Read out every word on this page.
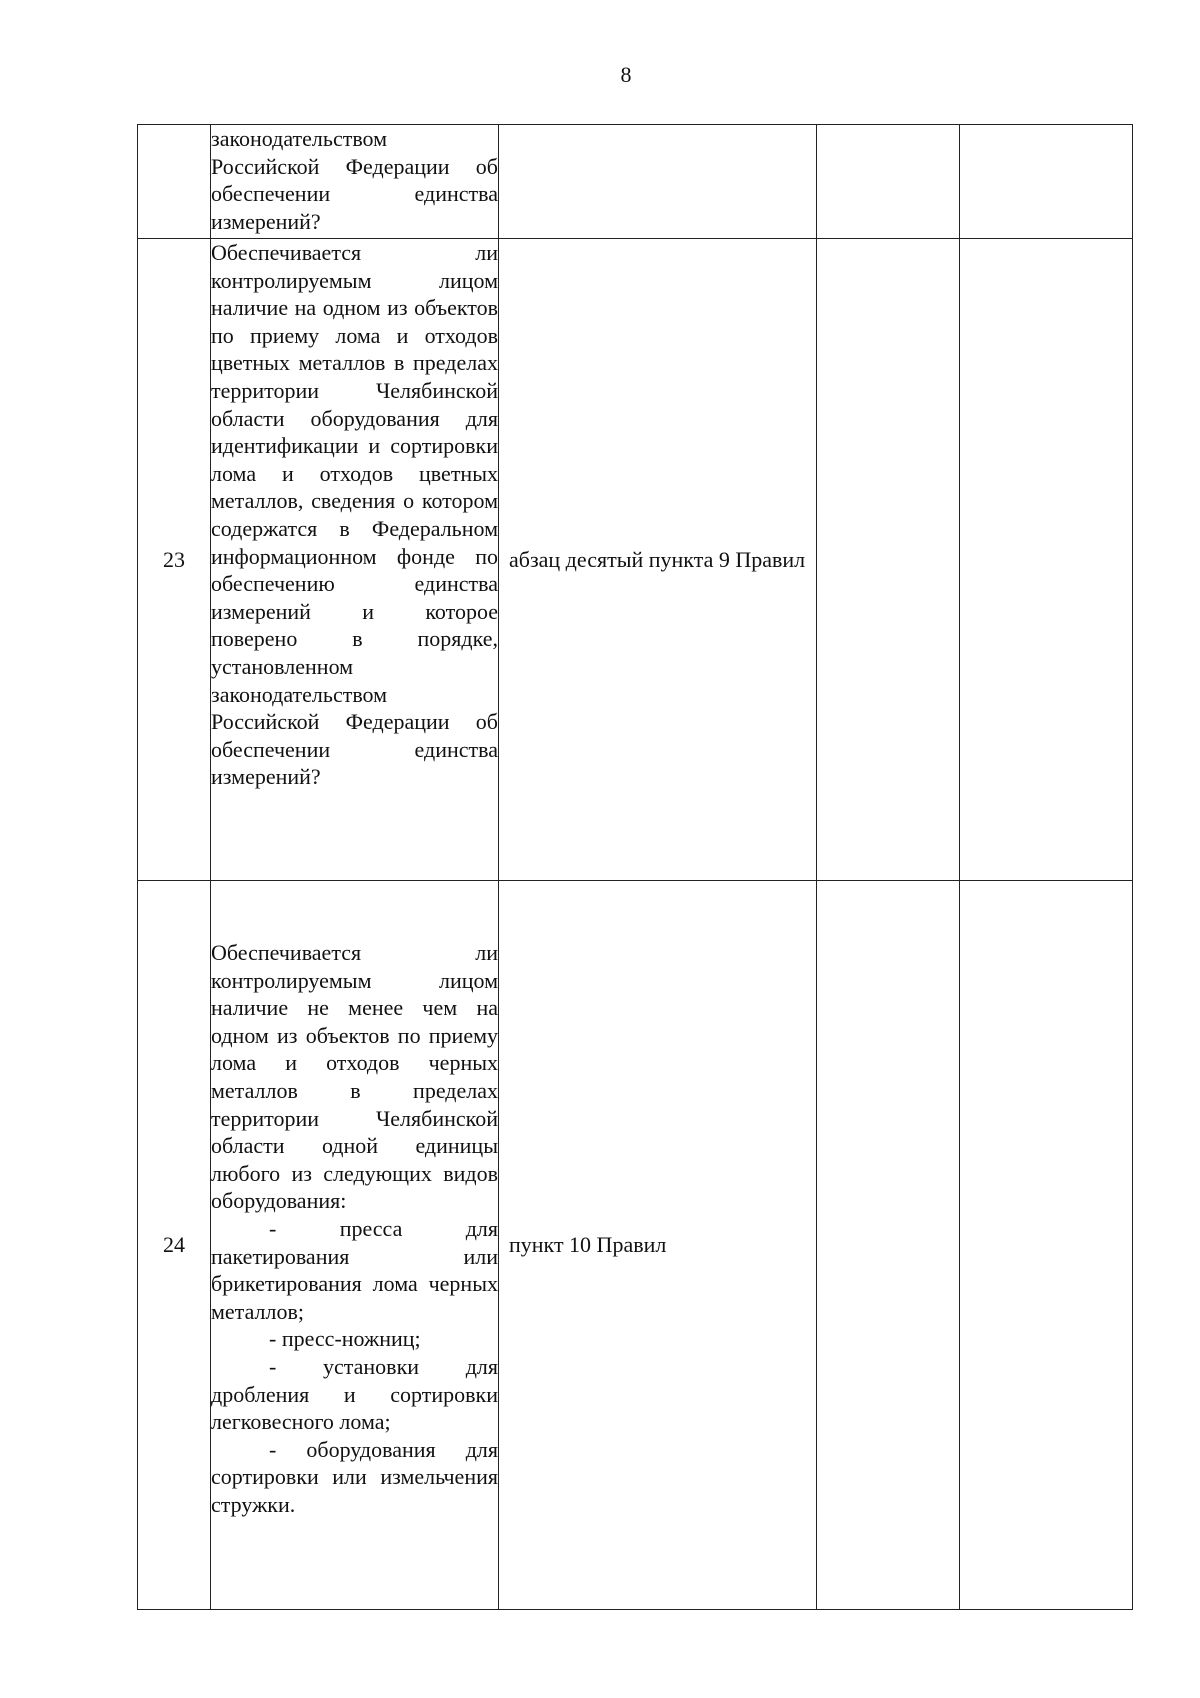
8
	законодательством Российской Федерации об обеспечении единства измерений?			
23	Обеспечивается ли контролируемым лицом наличие на одном из объектов по приему лома и отходов цветных металлов в пределах территории Челябинской области оборудования для идентификации и сортировки лома и отходов цветных металлов, сведения о котором содержатся в Федеральном информационном фонде по обеспечению единства измерений и которое поверено в порядке, установленном законодательством Российской Федерации об обеспечении единства измерений?	абзац десятый пункта 9 Правил		
24	Обеспечивается ли контролируемым лицом наличие не менее чем на одном из объектов по приему лома и отходов черных металлов в пределах территории Челябинской области одной единицы любого из следующих видов оборудования:

- пресса для пакетирования или брикетирования лома черных металлов;

- пресс-ножниц;

- установки для дробления и сортировки легковесного лома;

- оборудования для сортировки или измельчения стружки.	пункт 10 Правил		
